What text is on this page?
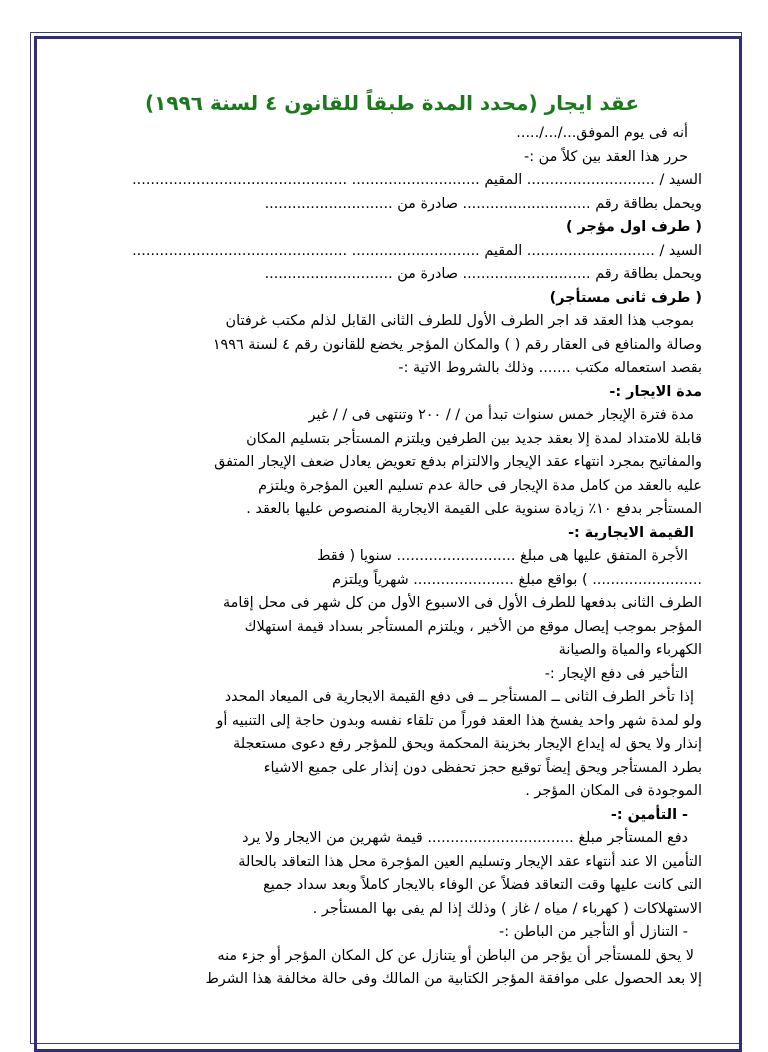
عقد ايجار (محدد المدة طبقاً للقانون ٤ لسنة ١٩٩٦)
أنه فى يوم الموفق.../.../.....
حرر هذا العقد بين كلاً من :-
السيد / ............................ المقيم ............................ ...............................................
ويحمل بطاقة رقم ............................ صادرة من ............................
( طرف اول مؤجر )
السيد / ............................ المقيم ............................ ...............................................
ويحمل بطاقة رقم ............................ صادرة من ............................
( طرف ثانى مستأجر)
بموجب هذا العقد قد اجر الطرف الأول للطرف الثانى القابل لذلم مكتب غرفتان
وصالة والمنافع فى العقار رقم ( ) والمكان المؤجر يخضع للقانون رقم ٤ لسنة ١٩٩٦
بقصد استعماله مكتب ....... وذلك بالشروط الاتية :-
مدة الايجار :-
مدة فترة الإيجار خمس سنوات تبدأ من / / ٢٠٠ وتنتهى فى / / غير
قابلة للامتداد لمدة إلا بعقد جديد بين الطرفين ويلتزم المستأجر بتسليم المكان
والمفاتيح بمجرد انتهاء عقد الإيجار والالتزام بدفع تعويض يعادل ضعف الإيجار المتفق
عليه بالعقد من كامل مدة الإيجار فى حالة عدم تسليم العين المؤجرة ويلتزم
المستأجر بدفع ١٠٪ زيادة سنوية على القيمة الايجارية المنصوص عليها بالعقد .
القيمة الايجارية :-
الأجرة المتفق عليها هى مبلغ .......................... سنويا ( فقط
........................ ) بواقع مبلغ ...................... شهرياً ويلتزم
الطرف الثانى بدفعها للطرف الأول فى الاسبوع الأول من كل شهر فى محل إقامة
المؤجر بموجب إيصال موقع من الأخير ، ويلتزم المستأجر بسداد قيمة استهلاك
الكهرباء والمياة والصيانة
التأخير فى دفع الإيجار :-
إذا تأخر الطرف الثانى ــ المستأجر ــ فى دفع القيمة الايجارية فى الميعاد المحدد
ولو لمدة شهر واحد يفسخ هذا العقد فوراً من تلقاء نفسه وبدون حاجة إلى التنبيه أو
إنذار ولا يحق له إيداع الإيجار بخزينة المحكمة ويحق للمؤجر رفع دعوى مستعجلة
بطرد المستأجر ويحق إيضاً توقيع حجز تحفظى دون إنذار على جميع الاشياء
الموجودة فى المكان المؤجر .
- التأمين :-
دفع المستأجر مبلغ ................................ قيمة شهرين من الايجار ولا يرد
التأمين الا عند أنتهاء عقد الإيجار وتسليم العين المؤجرة محل هذا التعاقد بالحالة
التى كانت عليها وقت التعاقد فضلاً عن الوفاء بالايجار كاملاً وبعد سداد جميع
الاستهلاكات ( كهرباء / مياه / غاز ) وذلك إذا لم يفى بها المستأجر .
- التنازل أو التأجير من الباطن :-
لا يحق للمستأجر أن يؤجر من الباطن أو يتنازل عن كل المكان المؤجر أو جزء منه
إلا بعد الحصول على موافقة المؤجر الكتابية من المالك وفى حالة مخالفة هذا الشرط
